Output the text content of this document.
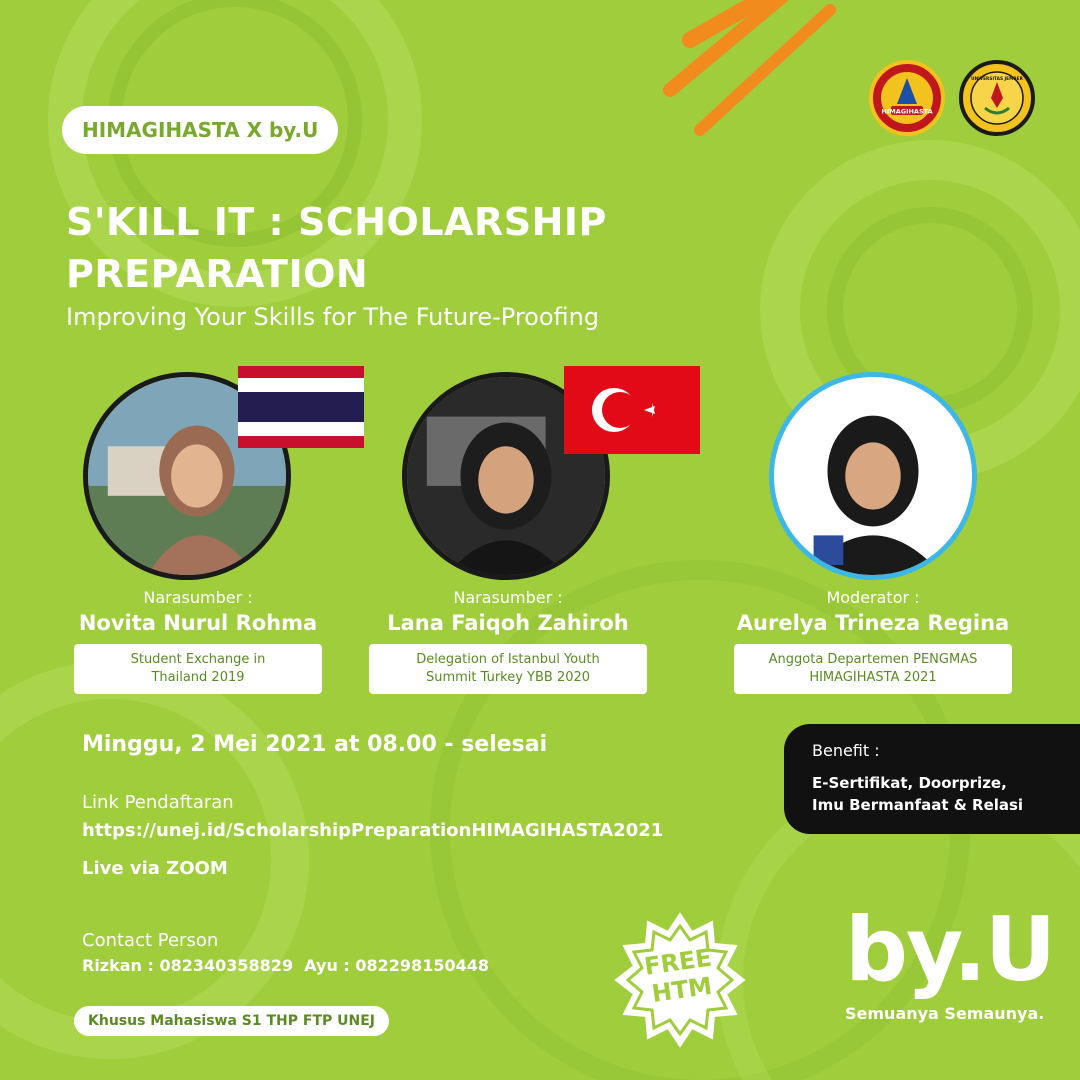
HIMAGIHASTA X by.U
S'KILL IT : SCHOLARSHIP
PREPARATION
Improving Your Skills for The Future-Proofing
HIMAGIHASTA
UNIVERSITAS JEMBER
Narasumber :
Novita Nurul Rohma
Student Exchange in
Thailand 2019
Narasumber :
Lana Faiqoh Zahiroh
Delegation of Istanbul Youth
Summit Turkey YBB 2020
Moderator :
Aurelya Trineza Regina
Anggota Departemen PENGMAS
HIMAGIHASTA 2021
Minggu, 2 Mei 2021 at 08.00 - selesai
Link Pendaftaran
https://unej.id/ScholarshipPreparationHIMAGIHASTA2021
Live via ZOOM
Contact Person
Rizkan : 082340358829  Ayu : 082298150448
Khusus Mahasiswa S1 THP FTP UNEJ
Benefit :
E-Sertifikat, Doorprize,
Imu Bermanfaat & Relasi
FREE
HTM	by.U
Semuanya Semaunya.
